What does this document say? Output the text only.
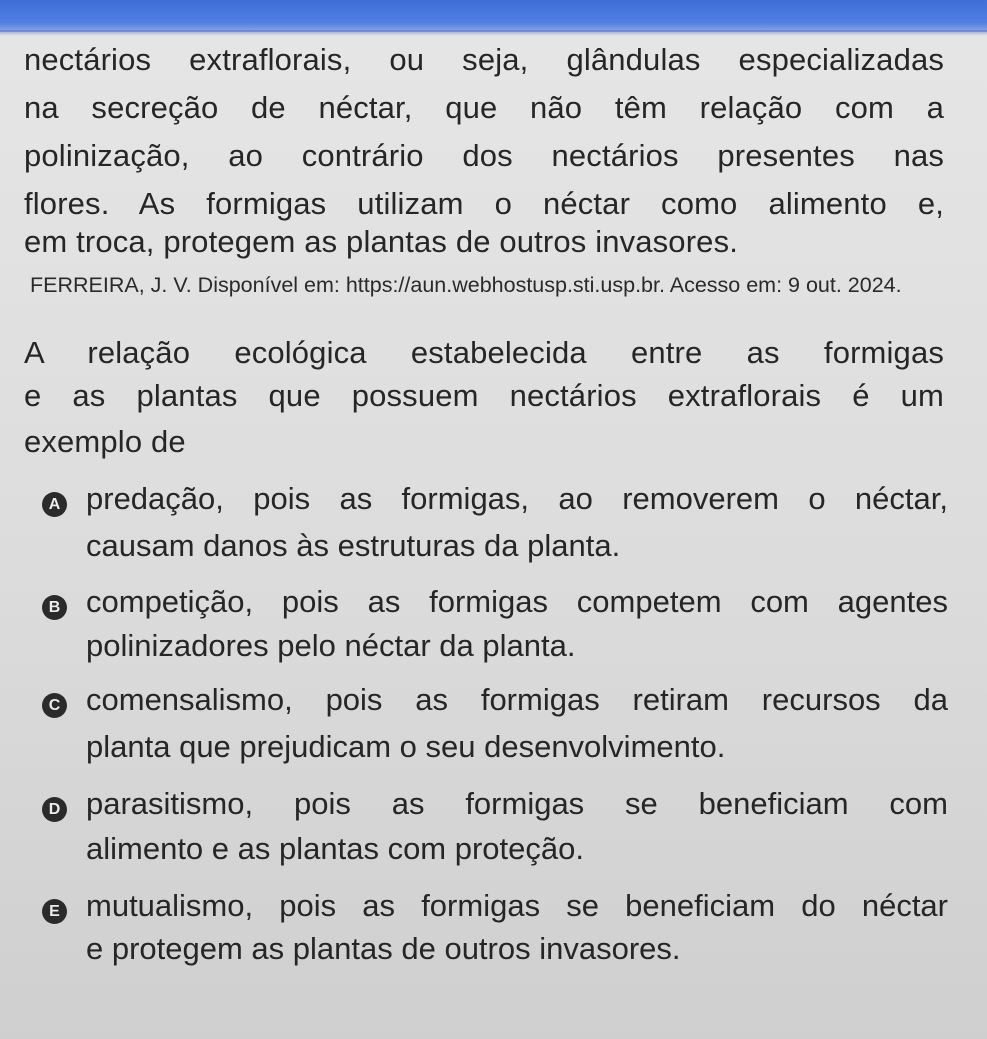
nectários extraflorais, ou seja, glândulas especializadas
na secreção de néctar, que não têm relação com a
polinização, ao contrário dos nectários presentes nas
flores. As formigas utilizam o néctar como alimento e,
em troca, protegem as plantas de outros invasores.
FERREIRA, J. V. Disponível em: https://aun.webhostusp.sti.usp.br. Acesso em: 9 out. 2024.
A relação ecológica estabelecida entre as formigas
e as plantas que possuem nectários extraflorais é um
exemplo de
A predação, pois as formigas, ao removerem o néctar,
causam danos às estruturas da planta.
B competição, pois as formigas competem com agentes
polinizadores pelo néctar da planta.
C comensalismo, pois as formigas retiram recursos da
planta que prejudicam o seu desenvolvimento.
D parasitismo, pois as formigas se beneficiam com
alimento e as plantas com proteção.
E mutualismo, pois as formigas se beneficiam do néctar
e protegem as plantas de outros invasores.
